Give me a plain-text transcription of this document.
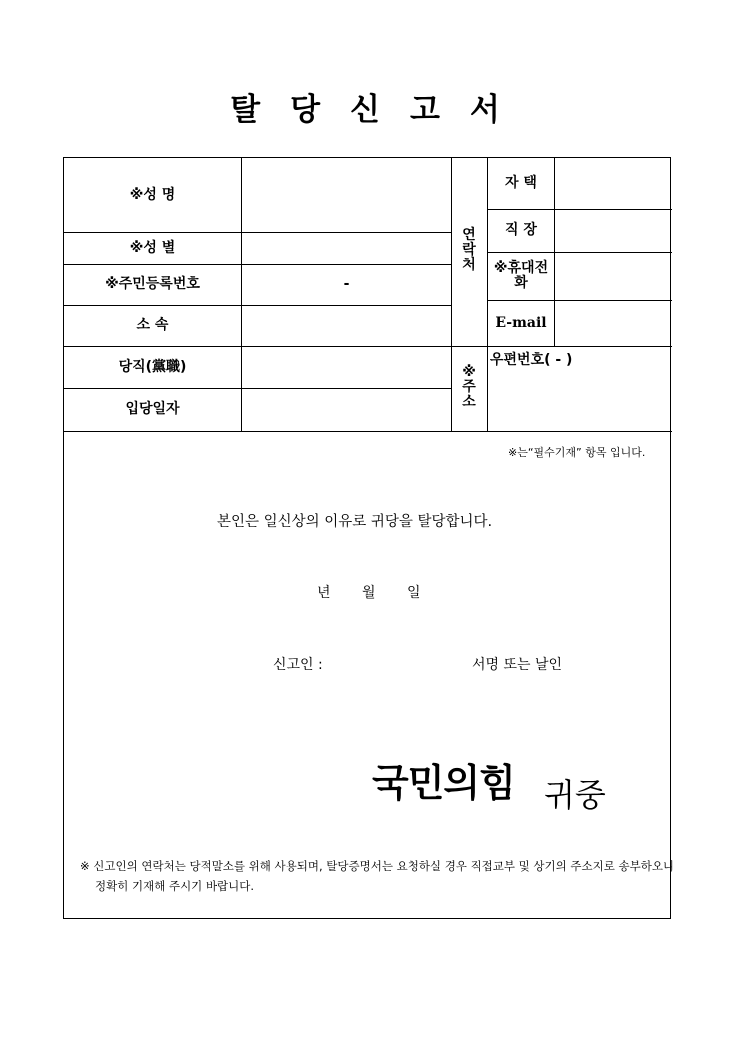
탈당신고서
※성 명
※성 별
※주민등록번호	-
소 속
당직(黨職)
입당일자
연락처
※주소
자 택
직 장
※휴대전화
E-mail
우편번호( - )
※는“필수기재” 항목 입니다.
본인은 일신상의 이유로 귀당을 탈당합니다.
년 월 일
신고인 :	서명 또는 날인
국민의힘 귀중
※ 신고인의 연락처는 당적말소를 위해 사용되며, 탈당증명서는 요청하실 경우 직접교부 및 상기의 주소지로 송부하오니 정확히 기재해 주시기 바랍니다.
